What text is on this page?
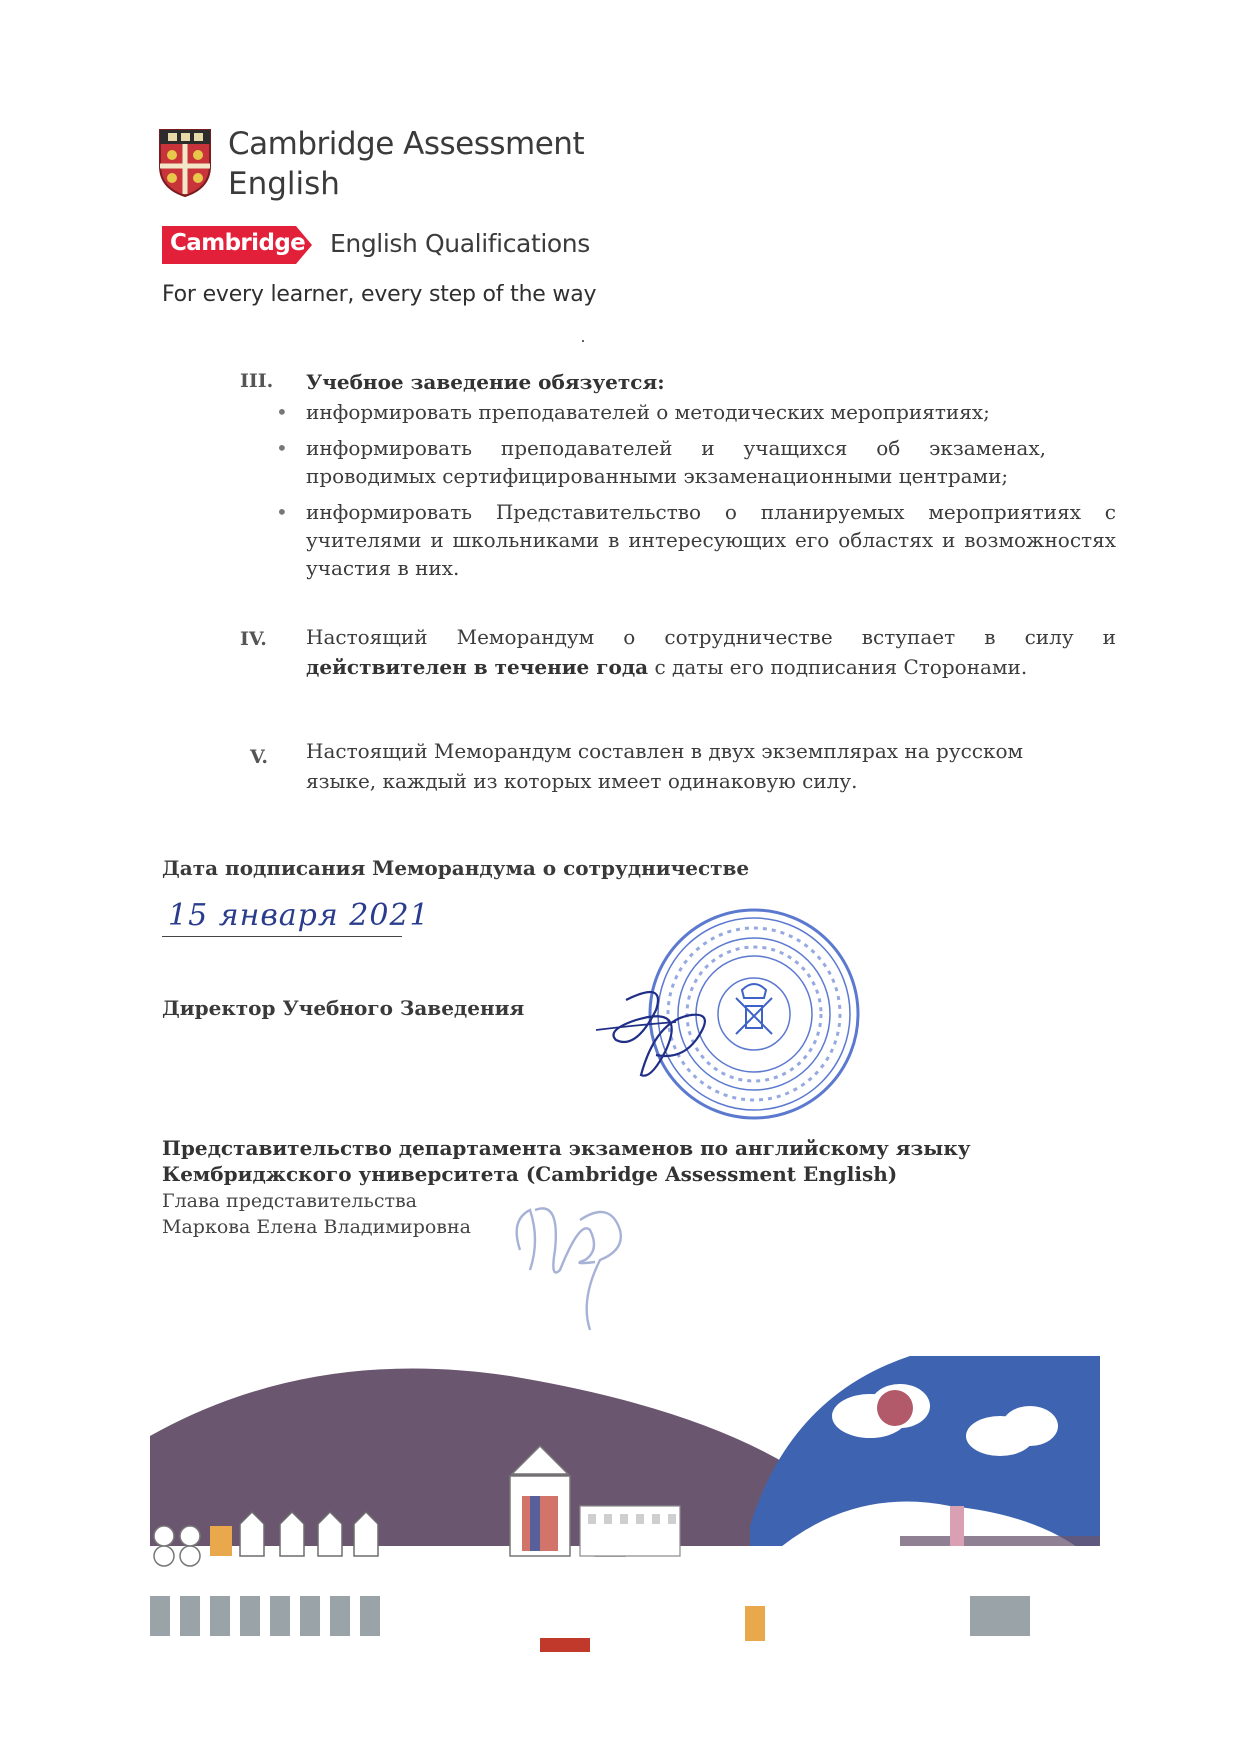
Cambridge Assessment
English
Cambridge English Qualifications
For every learner, every step of the way
III. Учебное заведение обязуется:
• информировать преподавателей о методических мероприятиях;
• информировать преподавателей и учащихся об экзаменах, проводимых сертифицированными экзаменационными центрами;
• информировать Представительство о планируемых мероприятиях с учителями и школьниками в интересующих его областях и возможностях участия в них.
IV. Настоящий Меморандум о сотрудничестве вступает в силу и действителен в течение года с даты его подписания Сторонами.
V. Настоящий Меморандум составлен в двух экземплярах на русском языке, каждый из которых имеет одинаковую силу.
Дата подписания Меморандума о сотрудничестве
15 января 2021
Директор Учебного Заведения
Представительство департамента экзаменов по английскому языку
Кембриджского университета (Cambridge Assessment English)
Глава представительства
Маркова Елена Владимировна
